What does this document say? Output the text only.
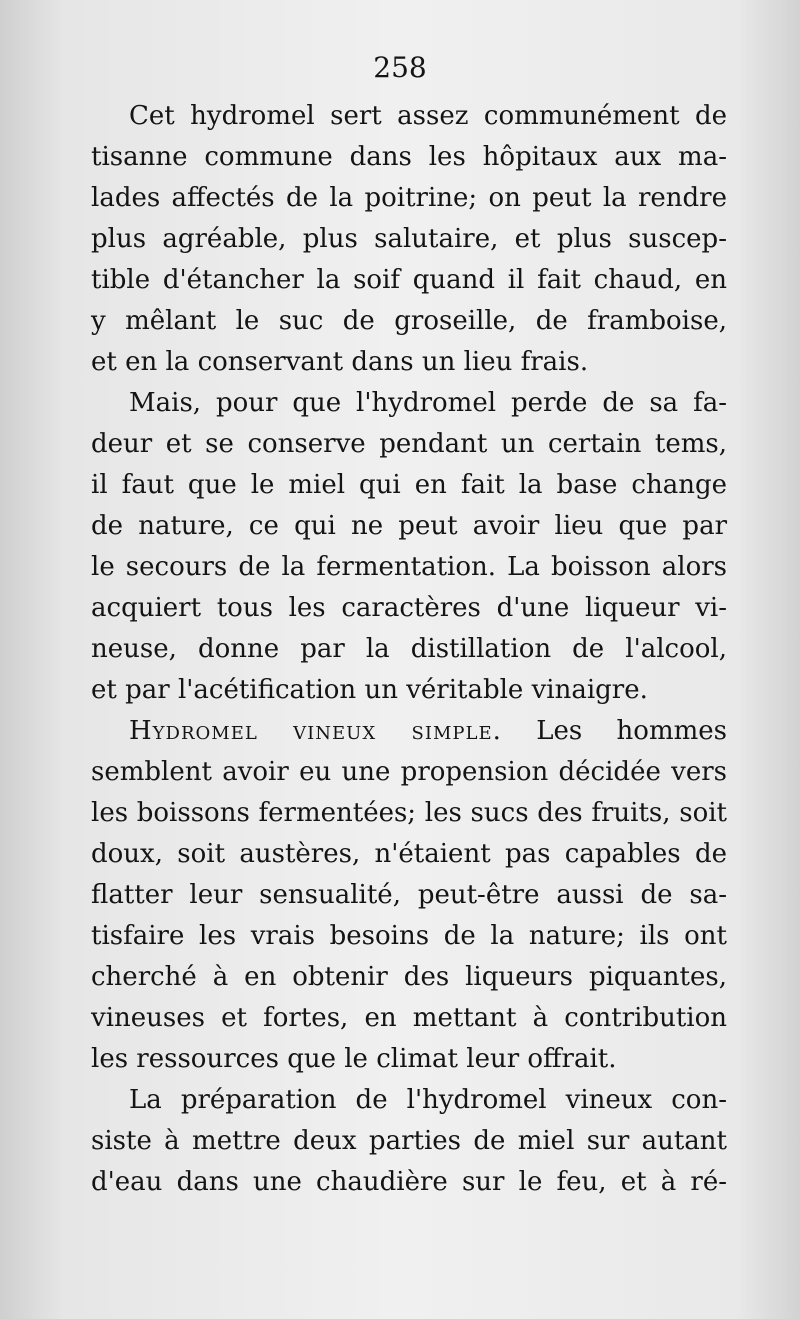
258
Cet hydromel sert assez communément de
tisanne commune dans les hôpitaux aux ma-
lades affectés de la poitrine; on peut la rendre
plus agréable, plus salutaire, et plus suscep-
tible d'étancher la soif quand il fait chaud, en
y mêlant le suc de groseille, de framboise,
et en la conservant dans un lieu frais.
Mais, pour que l'hydromel perde de sa fa-
deur et se conserve pendant un certain tems,
il faut que le miel qui en fait la base change
de nature, ce qui ne peut avoir lieu que par
le secours de la fermentation. La boisson alors
acquiert tous les caractères d'une liqueur vi-
neuse, donne par la distillation de l'alcool,
et par l'acétification un véritable vinaigre.
Hydromel vineux simple. Les hommes
semblent avoir eu une propension décidée vers
les boissons fermentées; les sucs des fruits, soit
doux, soit austères, n'étaient pas capables de
flatter leur sensualité, peut-être aussi de sa-
tisfaire les vrais besoins de la nature; ils ont
cherché à en obtenir des liqueurs piquantes,
vineuses et fortes, en mettant à contribution
les ressources que le climat leur offrait.
La préparation de l'hydromel vineux con-
siste à mettre deux parties de miel sur autant
d'eau dans une chaudière sur le feu, et à ré-
